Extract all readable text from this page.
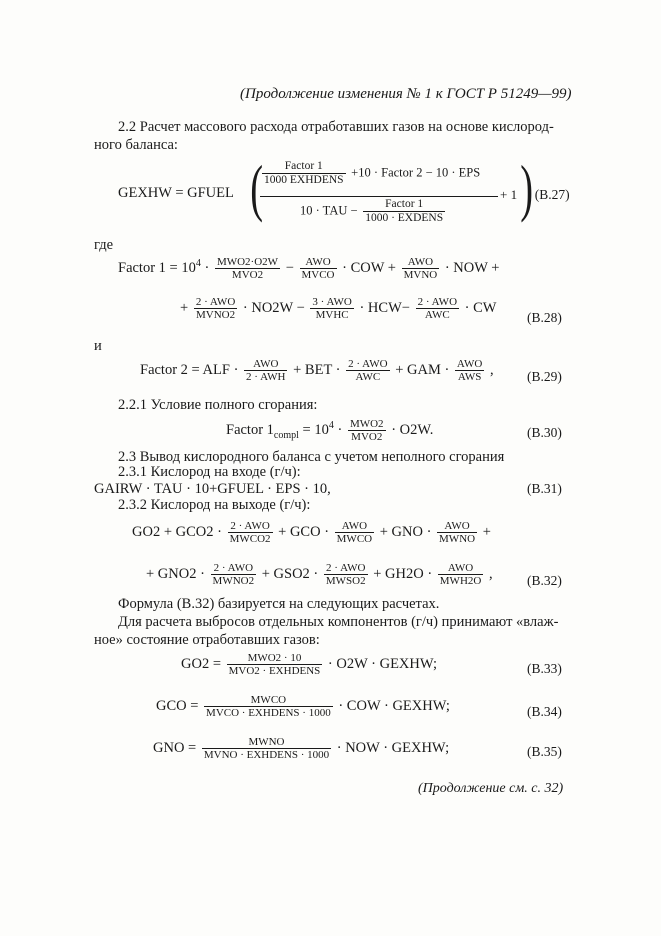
(Продолжение изменения № 1 к ГОСТ Р 51249—99)
2.2 Расчет массового расхода отработавших газов на основе кислород-
ного баланса:
GEXHW = GFUEL (
$\frac{\text{Factor 1}}{\text{1000 EXHDENS}} +10$ · Factor 2 − 10 · EPS
10 · TAU − $\frac{\text{Factor 1}}{\text{1000 · EXDENS}}$
+ 1 )
, (B.27)
где
Factor $1 = 10^4 \cdot \frac{\text{MWO2·O2W}}{\text{MVO2}} - \frac{\text{AWO}}{\text{MVCO}}$ · COW + $\frac{\text{AWO}}{\text{MVNO}}$ · NOW +
+ $\frac{\text{2 · AWO}}{\text{MVNO2}} \cdot NO2W - \frac{\text{3 · AWO}}{\text{MVHC}} \cdot HCW- \frac{\text{2 · AWO}}{\text{AWC}}$ · CW
(B.28)
и
Factor 2 = ALF · $\frac{\text{AWO}}{\text{2 · AWH}}$ + BET · $\frac{\text{2 · AWO}}{\text{AWC}}$ + GAM · $\frac{\text{AWO}}{\text{AWS}}$ , (B.29)
2.2.1 Условие полного сгорания:
Factor $1_{compl} = 10^4 \cdot \frac{\text{MWO2}}{\text{MVO2}} \cdot O2W$.	(B.30)
2.3 Вывод кислородного баланса с учетом неполного сгорания
2.3.1 Кислород на входе (г/ч):
GAIRW · TAU · 10+GFUEL · EPS · 10,	(B.31)
2.3.2 Кислород на выходе (г/ч):
$GO2 + GCO2 \cdot \frac{\text{2 · AWO}}{\text{MWCO2}}$ + GCO · $\frac{\text{AWO}}{\text{MWCO}}$ + GNO · $\frac{\text{AWO}}{\text{MWNO}}$ +
+ $GNO2 \cdot \frac{\text{2 · AWO}}{\text{MWNO2}} + GSO2 \cdot \frac{\text{2 · AWO}}{\text{MWSO2}} + GH2O \cdot \frac{\text{AWO}}{\text{MWH2O}}$ ,	(B.32)
Формула (B.32) базируется на следующих расчетах.
Для расчета выбросов отдельных компонентов (г/ч) принимают «влаж-
ное» состояние отработавших газов:
$GO2 = \frac{\text{MWO2 · 10}}{\text{MVO2 · EXHDENS}} \cdot O2W$ · GEXHW;	(B.33)
GCO = $\frac{\text{MWCO}}{\text{MVCO · EXHDENS · 1000}}$ · COW · GEXHW;	(B.34)
GNO = $\frac{\text{MWNO}}{\text{MVNO · EXHDENS · 1000}}$ · NOW · GEXHW;	(B.35)
(Продолжение см. с. 32)
